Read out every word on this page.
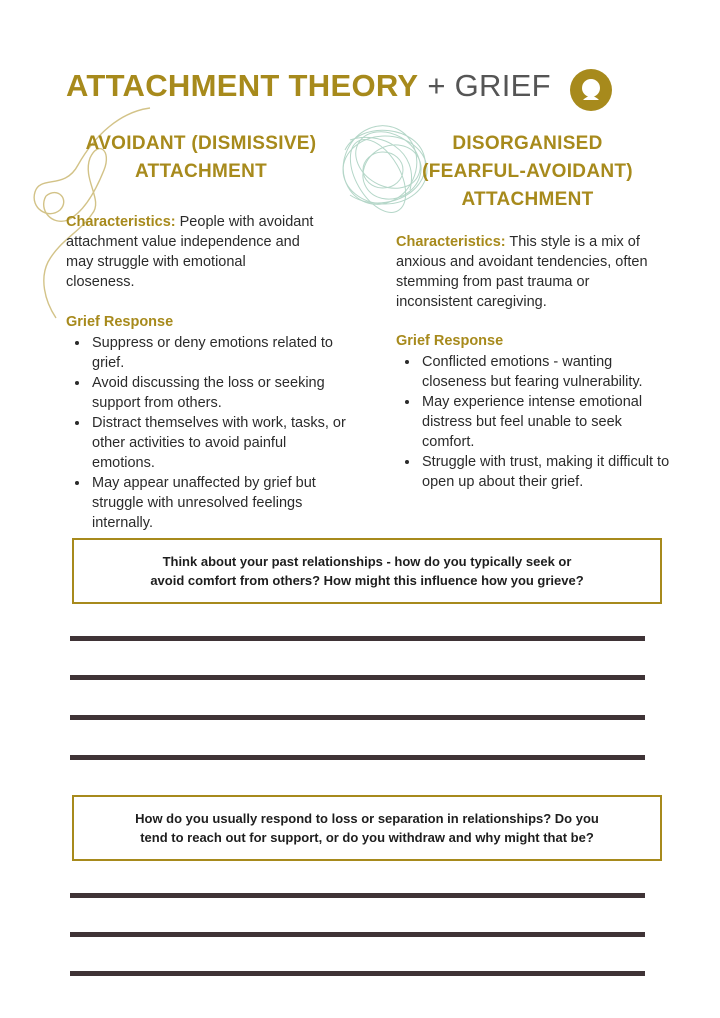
ATTACHMENT THEORY + GRIEF
AVOIDANT (DISMISSIVE)
ATTACHMENT
Characteristics: People with avoidant attachment value independence and may struggle with emotional closeness.
Grief Response
• Suppress or deny emotions related to grief.
• Avoid discussing the loss or seeking support from others.
• Distract themselves with work, tasks, or other activities to avoid painful emotions.
• May appear unaffected by grief but struggle with unresolved feelings internally.
DISORGANISED
(FEARFUL-AVOIDANT)
ATTACHMENT
Characteristics: This style is a mix of anxious and avoidant tendencies, often stemming from past trauma or inconsistent caregiving.
Grief Response
• Conflicted emotions - wanting closeness but fearing vulnerability.
• May experience intense emotional distress but feel unable to seek comfort.
• Struggle with trust, making it difficult to open up about their grief.
Think about your past relationships - how do you typically seek or
avoid comfort from others? How might this influence how you grieve?
How do you usually respond to loss or separation in relationships? Do you
tend to reach out for support, or do you withdraw and why might that be?
